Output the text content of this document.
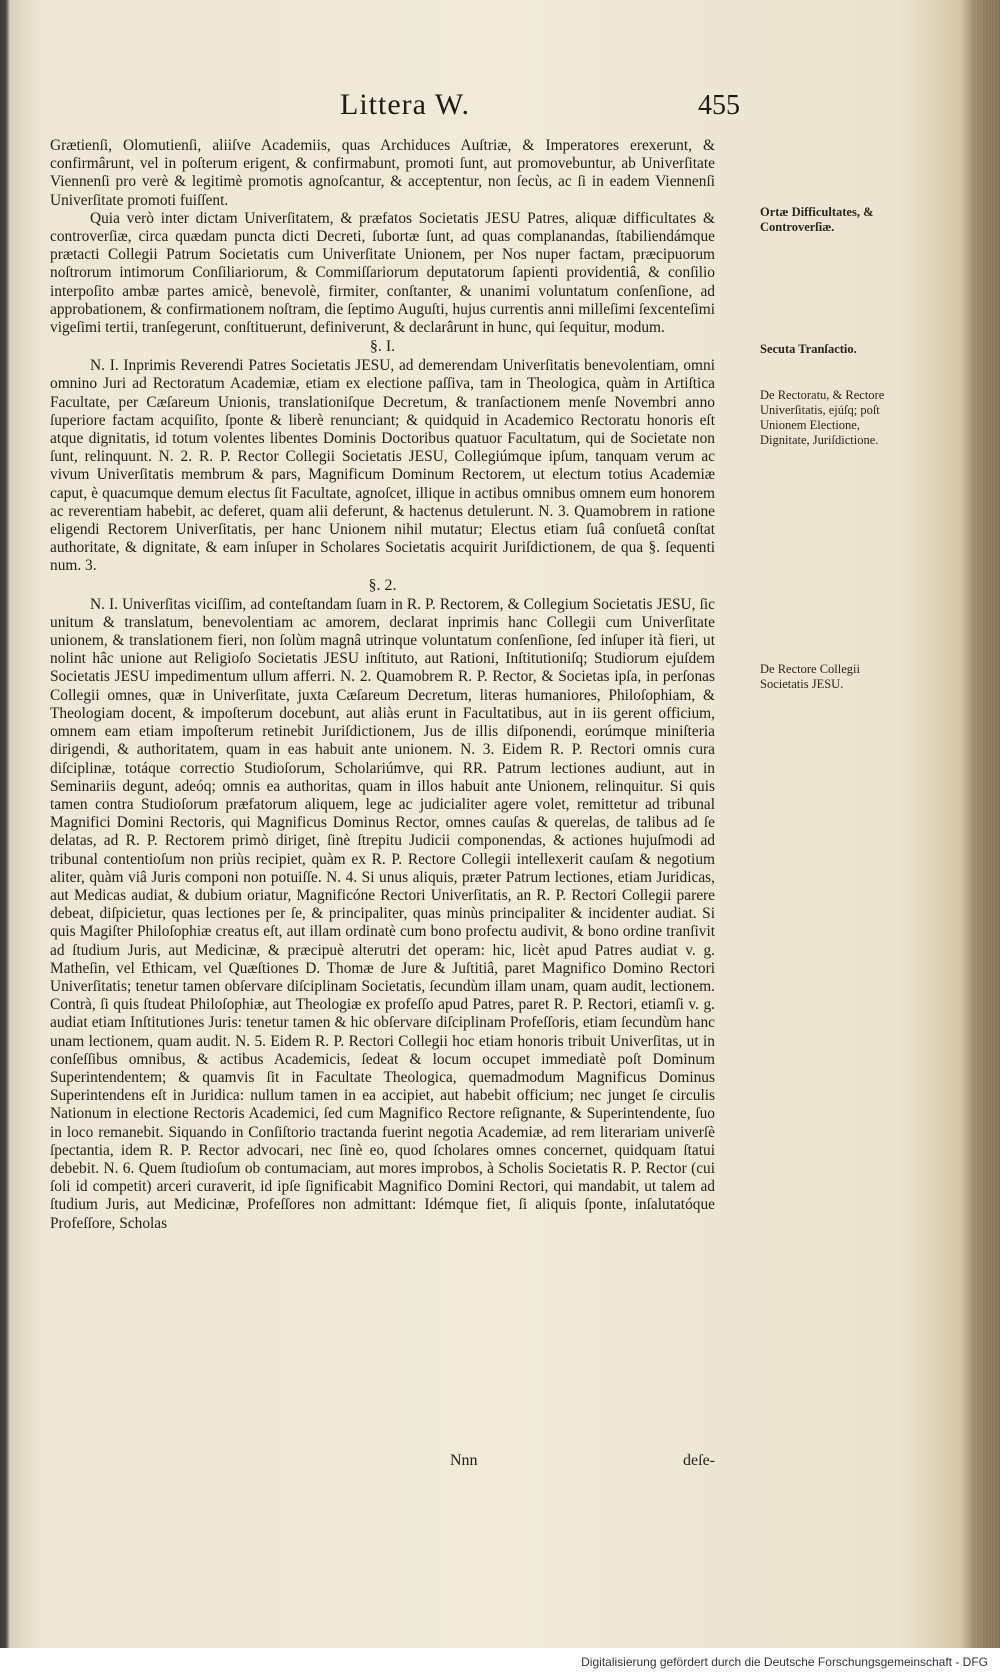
Littera W.	455

Grætienſi, Olomutienſi, aliiſve Academiis, quas Archiduces Auſtriæ, & Imperatores erexerunt, & confirmârunt, vel in poſterum erigent, & confirmabunt, promoti ſunt, aut promovebuntur, ab Univerſitate Viennenſi pro verè & legitimè promotis agnoſcantur, & acceptentur, non ſecùs, ac ſi in eadem Viennenſi Univerſitate promoti fuiſſent.

Quia verò inter dictam Univerſitatem, & præfatos Societatis JESU Patres, aliquæ difficultates & controverſiæ, circa quædam puncta dicti Decreti, ſubortæ ſunt, ad quas complanandas, ſtabiliendámque prætacti Collegii Patrum Societatis cum Univerſitate Unionem, per Nos nuper factam, præcipuorum noſtrorum intimorum Conſiliariorum, & Commiſſariorum deputatorum ſapienti providentiâ, & conſilio interpoſito ambæ partes amicè, benevolè, firmiter, conſtanter, & unanimi voluntatum conſenſione, ad approbationem, & confirmationem noſtram, die ſeptimo Auguſti, hujus currentis anni milleſimi ſexcenteſimi vigeſimi tertii, tranſegerunt, conſtituerunt, definiverunt, & declarârunt in hunc, qui ſequitur, modum.

§. I.

N. I. Inprimis Reverendi Patres Societatis JESU, ad demerendam Univerſitatis benevolentiam, omni omnino Juri ad Rectoratum Academiæ, etiam ex electione paſſiva, tam in Theologica, quàm in Artiſtica Facultate, per Cæſareum Unionis, translationiſque Decretum, & tranſactionem menſe Novembri anno ſuperiore factam acquiſito, ſponte & liberè renunciant; & quidquid in Academico Rectoratu honoris eſt atque dignitatis, id totum volentes libentes Dominis Doctoribus quatuor Facultatum, qui de Societate non ſunt, relinquunt. N. 2. R. P. Rector Collegii Societatis JESU, Collegiúmque ipſum, tanquam verum ac vivum Univerſitatis membrum & pars, Magnificum Dominum Rectorem, ut electum totius Academiæ caput, è quacumque demum electus ſit Facultate, agnoſcet, illique in actibus omnibus omnem eum honorem ac reverentiam habebit, ac deferet, quam alii deferunt, & hactenus detulerunt. N. 3. Quamobrem in ratione eligendi Rectorem Univerſitatis, per hanc Unionem nihil mutatur; Electus etiam ſuâ conſuetâ conſtat authoritate, & dignitate, & eam inſuper in Scholares Societatis acquirit Juriſdictionem, de qua §. ſequenti num. 3.

§. 2.

N. I. Univerſitas viciſſim, ad conteſtandam ſuam in R. P. Rectorem, & Collegium Societatis JESU, ſic unitum & translatum, benevolentiam ac amorem, declarat inprimis hanc Collegii cum Univerſitate unionem, & translationem fieri, non ſolùm magnâ utrinque voluntatum conſenſione, ſed inſuper ità fieri, ut nolint hâc unione aut Religioſo Societatis JESU inſtituto, aut Rationi, Inſtitutioniſq; Studiorum ejuſdem Societatis JESU impedimentum ullum afferri. N. 2. Quamobrem R. P. Rector, & Societas ipſa, in perſonas Collegii omnes, quæ in Univerſitate, juxta Cæſareum Decretum, literas humaniores, Philoſophiam, & Theologiam docent, & impoſterum docebunt, aut aliàs erunt in Facultatibus, aut in iis gerent officium, omnem eam etiam impoſterum retinebit Juriſdictionem, Jus de illis diſponendi, eorúmque miniſteria dirigendi, & authoritatem, quam in eas habuit ante unionem. N. 3. Eidem R. P. Rectori omnis cura diſciplinæ, totáque correctio Studioſorum, Scholariúmve, qui RR. Patrum lectiones audiunt, aut in Seminariis degunt, adeóq; omnis ea authoritas, quam in illos habuit ante Unionem, relinquitur. Si quis tamen contra Studioſorum præfatorum aliquem, lege ac judicialiter agere volet, remittetur ad tribunal Magnifici Domini Rectoris, qui Magnificus Dominus Rector, omnes cauſas & querelas, de talibus ad ſe delatas, ad R. P. Rectorem primò diriget, ſinè ſtrepitu Judicii componendas, & actiones hujuſmodi ad tribunal contentioſum non priùs recipiet, quàm ex R. P. Rectore Collegii intellexerit cauſam & negotium aliter, quàm viâ Juris componi non potuiſſe. N. 4. Si unus aliquis, præter Patrum lectiones, etiam Juridicas, aut Medicas audiat, & dubium oriatur, Magnificóne Rectori Univerſitatis, an R. P. Rectori Collegii parere debeat, diſpicietur, quas lectiones per ſe, & principaliter, quas minùs principaliter & incidenter audiat. Si quis Magiſter Philoſophiæ creatus eſt, aut illam ordinatè cum bono profectu audivit, & bono ordine tranſivit ad ſtudium Juris, aut Medicinæ, & præcipuè alterutri det operam: hic, licèt apud Patres audiat v. g. Matheſin, vel Ethicam, vel Quæſtiones D. Thomæ de Jure & Juſtitiâ, paret Magnifico Domino Rectori Univerſitatis; tenetur tamen obſervare diſciplinam Societatis, ſecundùm illam unam, quam audit, lectionem. Contrà, ſi quis ſtudeat Philoſophiæ, aut Theologiæ ex profeſſo apud Patres, paret R. P. Rectori, etiamſi v. g. audiat etiam Inſtitutiones Juris: tenetur tamen & hic obſervare diſciplinam Profeſſoris, etiam ſecundùm hanc unam lectionem, quam audit. N. 5. Eidem R. P. Rectori Collegii hoc etiam honoris tribuit Univerſitas, ut in conſeſſibus omnibus, & actibus Academicis, ſedeat & locum occupet immediatè poſt Dominum Superintendentem; & quamvis ſit in Facultate Theologica, quemadmodum Magnificus Dominus Superintendens eſt in Juridica: nullum tamen in ea accipiet, aut habebit officium; nec junget ſe circulis Nationum in electione Rectoris Academici, ſed cum Magnifico Rectore reſignante, & Superintendente, ſuo in loco remanebit. Siquando in Conſiſtorio tractanda fuerint negotia Academiæ, ad rem literariam univerſè ſpectantia, idem R. P. Rector advocari, nec ſinè eo, quod ſcholares omnes concernet, quidquam ſtatui debebit. N. 6. Quem ſtudioſum ob contumaciam, aut mores improbos, à Scholis Societatis R. P. Rector (cui ſoli id competit) arceri curaverit, id ipſe ſignificabit Magnifico Domini Rectori, qui mandabit, ut talem ad ſtudium Juris, aut Medicinæ, Profeſſores non admittant: Idémque fiet, ſi aliquis ſponte, inſalutatóque Profeſſore, Scholas

Ortæ Difficultates, & Controverſiæ.
Secuta Tranſactio.
De Rectoratu, & Rectore Univerſitatis, ejúſq; poſt Unionem Electione, Dignitate, Juriſdictione.
De Rectore Collegii Societatis JESU.
Nnn	deſe-
Digitalisierung gefördert durch die Deutsche Forschungsgemeinschaft - DFG
